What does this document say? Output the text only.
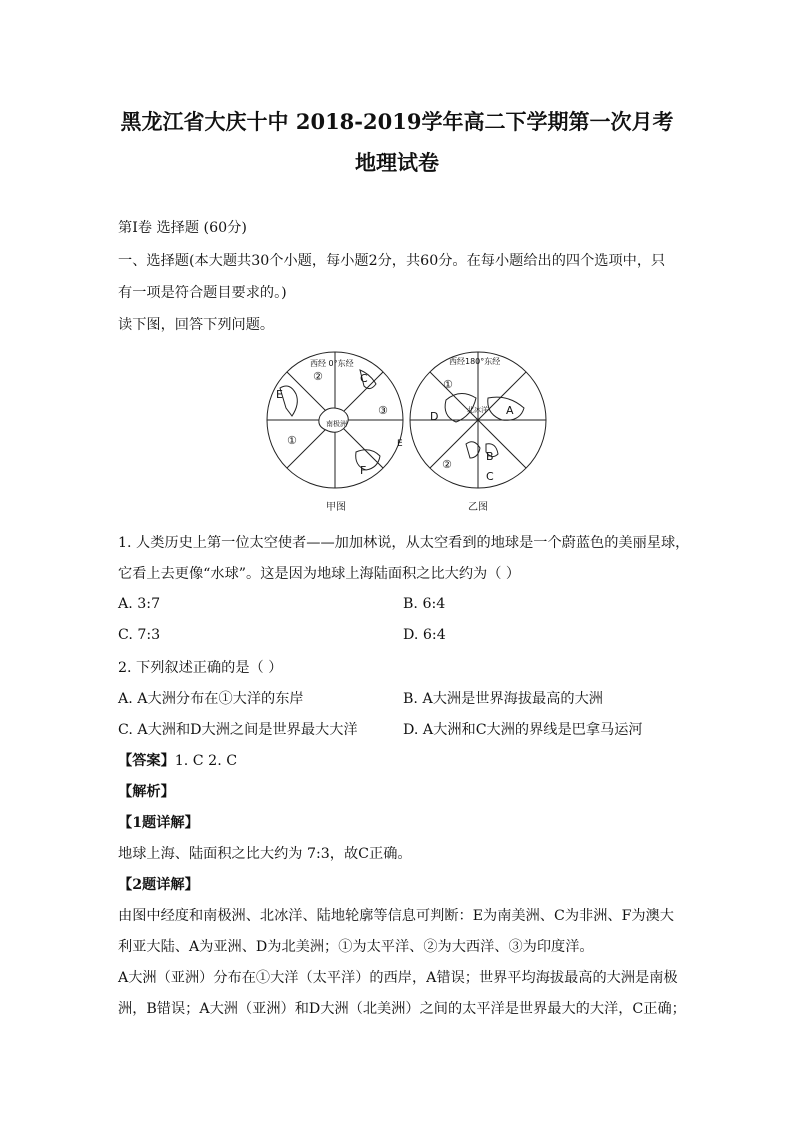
黑龙江省大庆十中 2018-2019学年高二下学期第一次月考
地理试卷
第Ⅰ卷 选择题 (60分)
一、选择题(本大题共30个小题，每小题2分，共60分。在每小题给出的四个选项中，只
有一项是符合题目要求的。)
读下图，回答下列问题。
西经 0°东经
南极洲
②	C
E
③
①
F
甲图
西经180°东经
北冰洋
①
D	A
E
②
B
C
乙图
1. 人类历史上第一位太空使者——加加林说，从太空看到的地球是一个蔚蓝色的美丽星球，
它看上去更像“水球”。这是因为地球上海陆面积之比大约为（ ）
A. 3:7	B. 6:4
C. 7:3	D. 6:4
2. 下列叙述正确的是（ ）
A. A大洲分布在①大洋的东岸	B. A大洲是世界海拔最高的大洲
C. A大洲和D大洲之间是世界最大大洋	D. A大洲和C大洲的界线是巴拿马运河
【答案】1. C 2. C
【解析】
【1题详解】
地球上海、陆面积之比大约为 7:3，故C正确。
【2题详解】
由图中经度和南极洲、北冰洋、陆地轮廓等信息可判断：E为南美洲、C为非洲、F为澳大
利亚大陆、A为亚洲、D为北美洲；①为太平洋、②为大西洋、③为印度洋。
A大洲（亚洲）分布在①大洋（太平洋）的西岸，A错误；世界平均海拔最高的大洲是南极
洲，B错误；A大洲（亚洲）和D大洲（北美洲）之间的太平洋是世界最大的大洋，C正确；
